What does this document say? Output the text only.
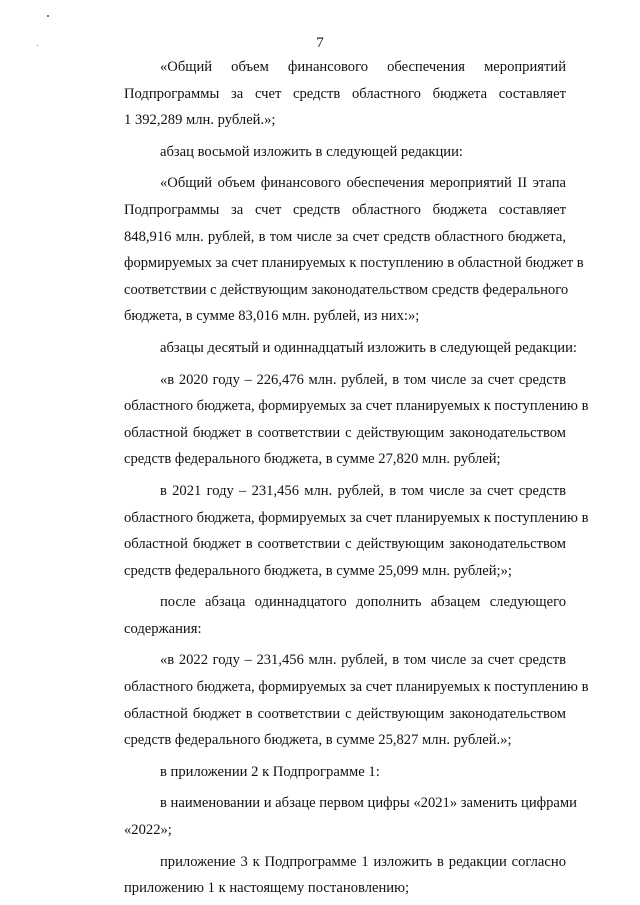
7
«Общий объем финансового обеспечения мероприятий
Подпрограммы за счет средств областного бюджета составляет
1 392,289 млн. рублей.»;
абзац восьмой изложить в следующей редакции:
«Общий объем финансового обеспечения мероприятий II этапа
Подпрограммы за счет средств областного бюджета составляет
848,916 млн. рублей, в том числе за счет средств областного бюджета,
формируемых за счет планируемых к поступлению в областной бюджет в
соответствии с действующим законодательством средств федерального
бюджета, в сумме 83,016 млн. рублей, из них:»;
абзацы десятый и одиннадцатый изложить в следующей редакции:
«в 2020 году – 226,476 млн. рублей, в том числе за счет средств
областного бюджета, формируемых за счет планируемых к поступлению в
областной бюджет в соответствии с действующим законодательством
средств федерального бюджета, в сумме 27,820 млн. рублей;
в 2021 году – 231,456 млн. рублей, в том числе за счет средств
областного бюджета, формируемых за счет планируемых к поступлению в
областной бюджет в соответствии с действующим законодательством
средств федерального бюджета, в сумме 25,099 млн. рублей;»;
после абзаца одиннадцатого дополнить абзацем следующего
содержания:
«в 2022 году – 231,456 млн. рублей, в том числе за счет средств
областного бюджета, формируемых за счет планируемых к поступлению в
областной бюджет в соответствии с действующим законодательством
средств федерального бюджета, в сумме 25,827 млн. рублей.»;
в приложении 2 к Подпрограмме 1:
в наименовании и абзаце первом цифры «2021» заменить цифрами
«2022»;
приложение 3 к Подпрограмме 1 изложить в редакции согласно
приложению 1 к настоящему постановлению;
